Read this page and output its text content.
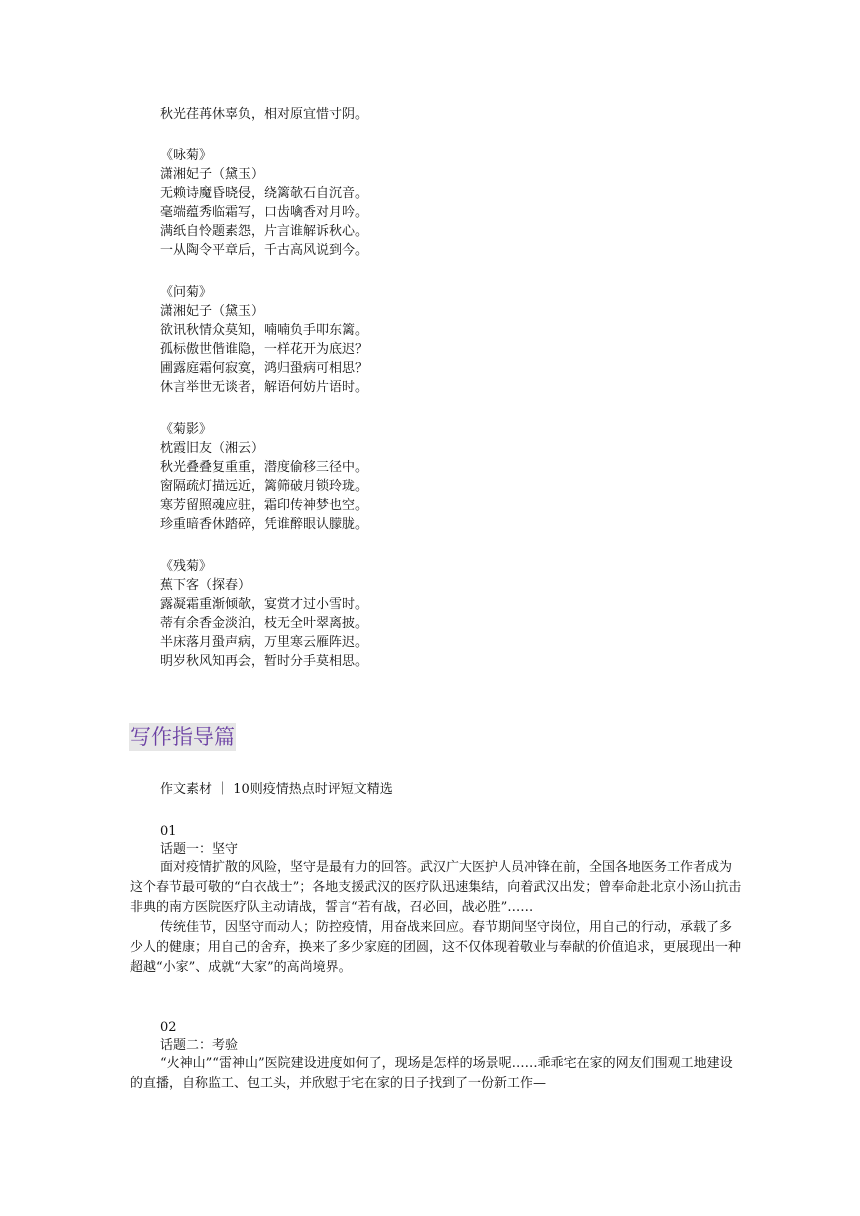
秋光荏苒休辜负，相对原宜惜寸阴。
《咏菊》
潇湘妃子（黛玉）
无赖诗魔昏晓侵，绕篱欹石自沉音。
毫端蕴秀临霜写，口齿噙香对月吟。
满纸自怜题素怨，片言谁解诉秋心。
一从陶令平章后，千古高风说到今。
《问菊》
潇湘妃子（黛玉）
欲讯秋情众莫知，喃喃负手叩东篱。
孤标傲世偕谁隐，一样花开为底迟？
圃露庭霜何寂寞，鸿归蛩病可相思？
休言举世无谈者，解语何妨片语时。
《菊影》
枕霞旧友（湘云）
秋光叠叠复重重，潜度偷移三径中。
窗隔疏灯描远近，篱筛破月锁玲珑。
寒芳留照魂应驻，霜印传神梦也空。
珍重暗香休踏碎，凭谁醉眼认朦胧。
《残菊》
蕉下客（探春）
露凝霜重渐倾欹，宴赏才过小雪时。
蒂有余香金淡泊，枝无全叶翠离披。
半床落月蛩声病，万里寒云雁阵迟。
明岁秋风知再会，暂时分手莫相思。
写作指导篇
作文素材 ｜ 10则疫情热点时评短文精选
01
话题一：坚守

面对疫情扩散的风险，坚守是最有力的回答。武汉广大医护人员冲锋在前，全国各地医务工作者成为这个春节最可敬的“白衣战士”；各地支援武汉的医疗队迅速集结，向着武汉出发；曾奉命赴北京小汤山抗击非典的南方医院医疗队主动请战，誓言“若有战，召必回，战必胜”……

传统佳节，因坚守而动人；防控疫情，用奋战来回应。春节期间坚守岗位，用自己的行动，承载了多少人的健康；用自己的舍弃，换来了多少家庭的团圆，这不仅体现着敬业与奉献的价值追求，更展现出一种超越“小家”、成就“大家”的高尚境界。

02
话题二：考验

“火神山”“雷神山”医院建设进度如何了，现场是怎样的场景呢……乖乖宅在家的网友们围观工地建设的直播，自称监工、包工头，并欣慰于宅在家的日子找到了一份新工作—
